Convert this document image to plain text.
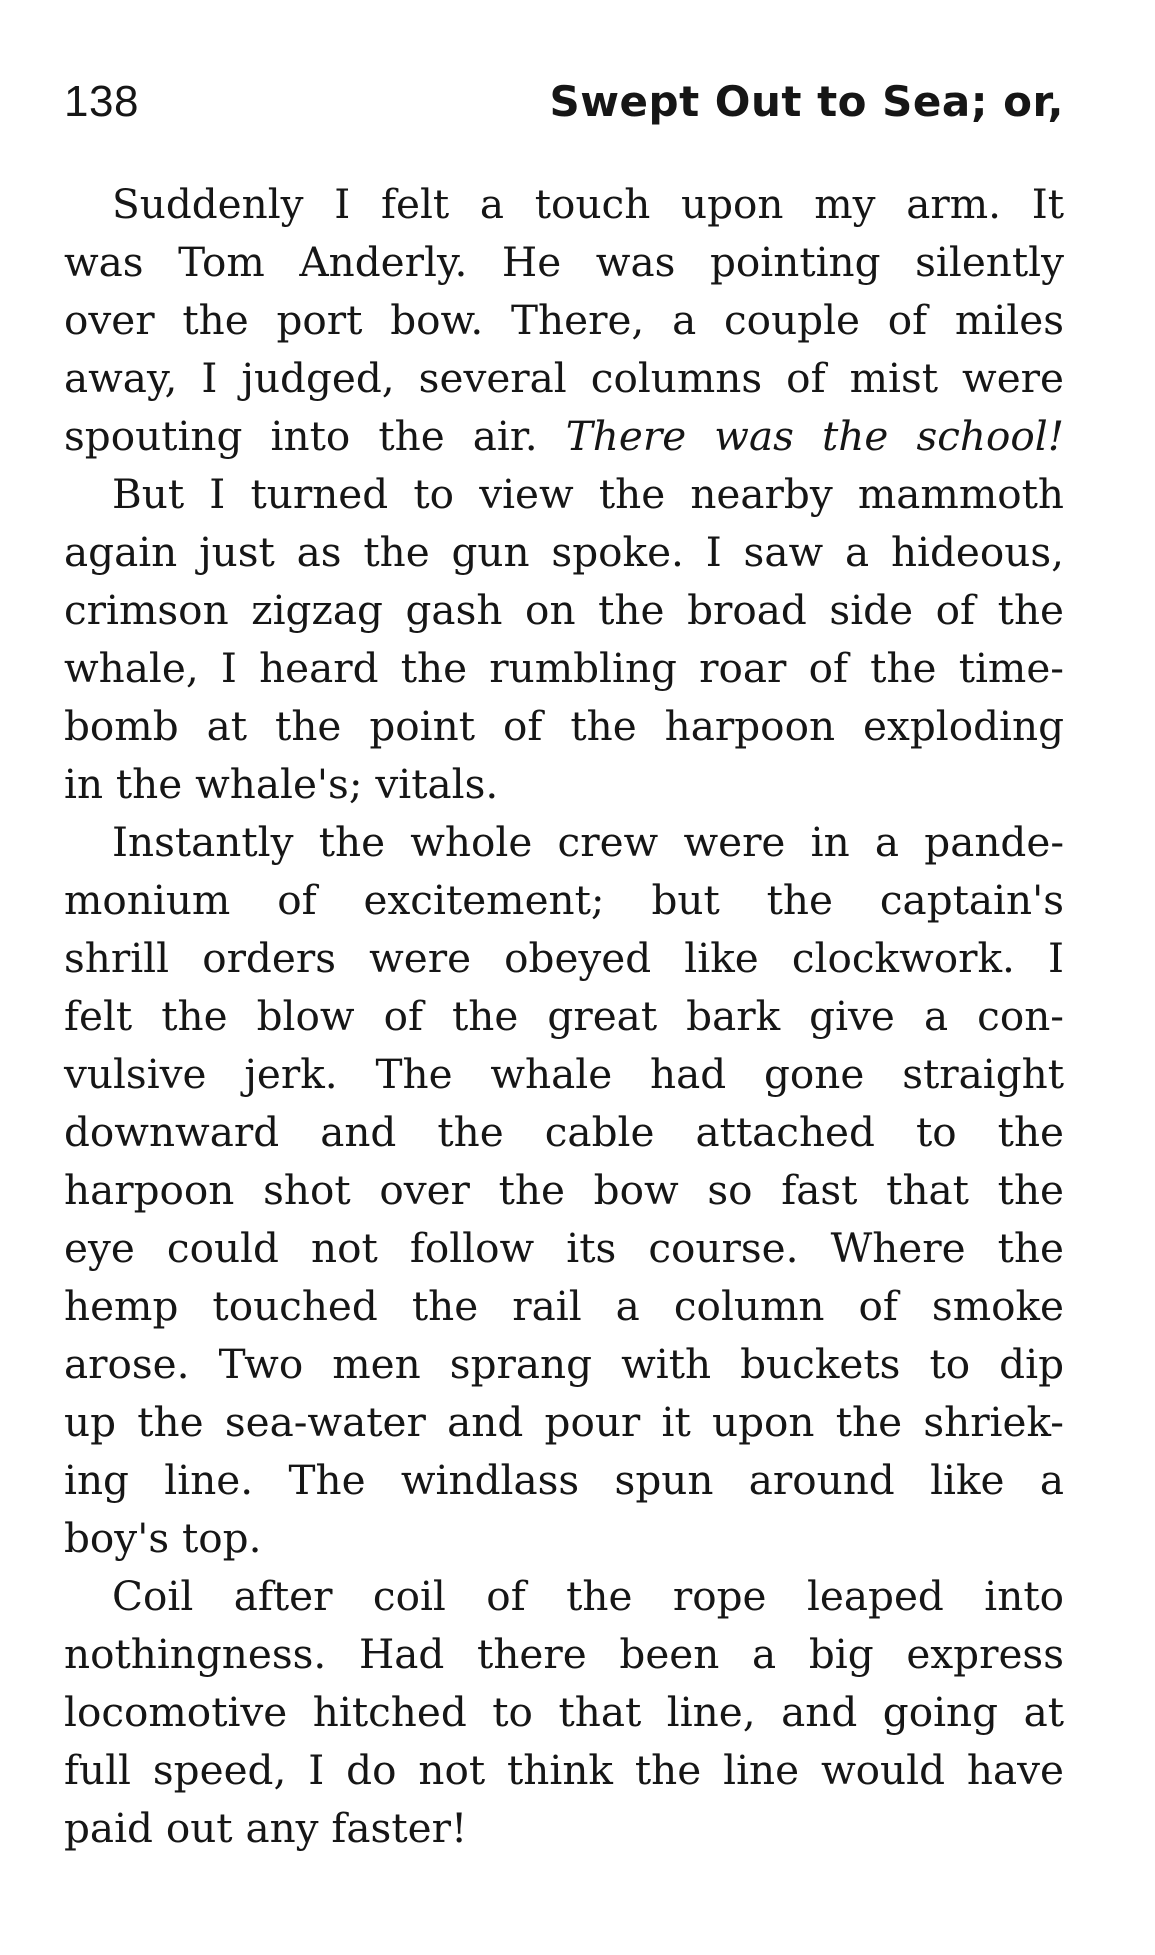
138	Swept Out to Sea; or,
Suddenly I felt a touch upon my arm. It
was Tom Anderly. He was pointing silently
over the port bow. There, a couple of miles
away, I judged, several columns of mist were
spouting into the air. There was the school!
But I turned to view the nearby mammoth
again just as the gun spoke. I saw a hideous,
crimson zigzag gash on the broad side of the
whale, I heard the rumbling roar of the time-
bomb at the point of the harpoon exploding
in the whale's; vitals.
Instantly the whole crew were in a pande-
monium of excitement; but the captain's
shrill orders were obeyed like clockwork. I
felt the blow of the great bark give a con-
vulsive jerk. The whale had gone straight
downward and the cable attached to the
harpoon shot over the bow so fast that the
eye could not follow its course. Where the
hemp touched the rail a column of smoke
arose. Two men sprang with buckets to dip
up the sea-water and pour it upon the shriek-
ing line. The windlass spun around like a
boy's top.
Coil after coil of the rope leaped into
nothingness. Had there been a big express
locomotive hitched to that line, and going at
full speed, I do not think the line would have
paid out any faster!
